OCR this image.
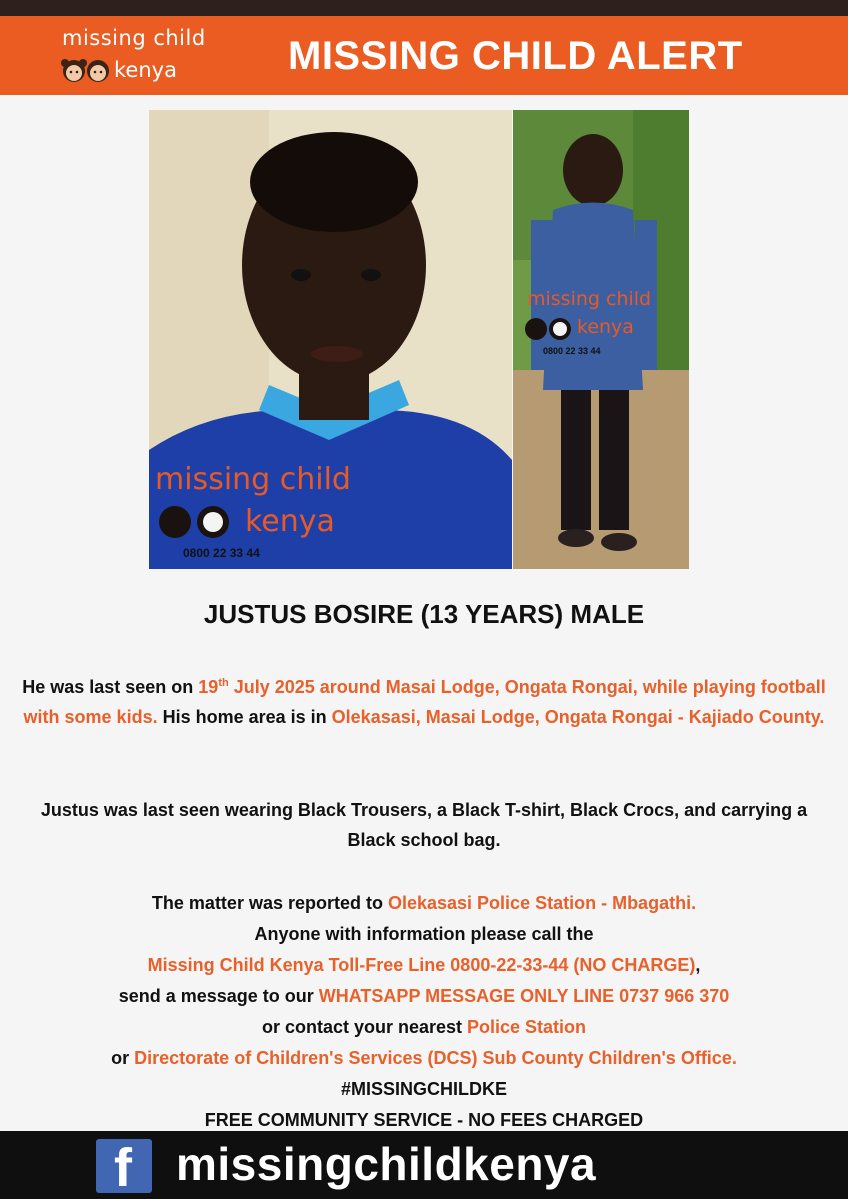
missing child
kenya	MISSING CHILD ALERT
missing child
kenya
0800 22 33 44
missing child
kenya
0800 22 33 44
JUSTUS BOSIRE (13 YEARS) MALE
He was last seen on 19th July 2025 around Masai Lodge, Ongata Rongai, while playing football with some kids. His home area is in Olekasasi, Masai Lodge, Ongata Rongai - Kajiado County.
Justus was last seen wearing Black Trousers, a Black T-shirt, Black Crocs, and carrying a Black school bag.
The matter was reported to Olekasasi Police Station - Mbagathi.
Anyone with information please call the
Missing Child Kenya Toll-Free Line 0800-22-33-44 (NO CHARGE),
send a message to our WHATSAPP MESSAGE ONLY LINE 0737 966 370
or contact your nearest Police Station
or Directorate of Children's Services (DCS) Sub County Children's Office.
#MISSINGCHILDKE
FREE COMMUNITY SERVICE - NO FEES CHARGED
f missingchildkenya
